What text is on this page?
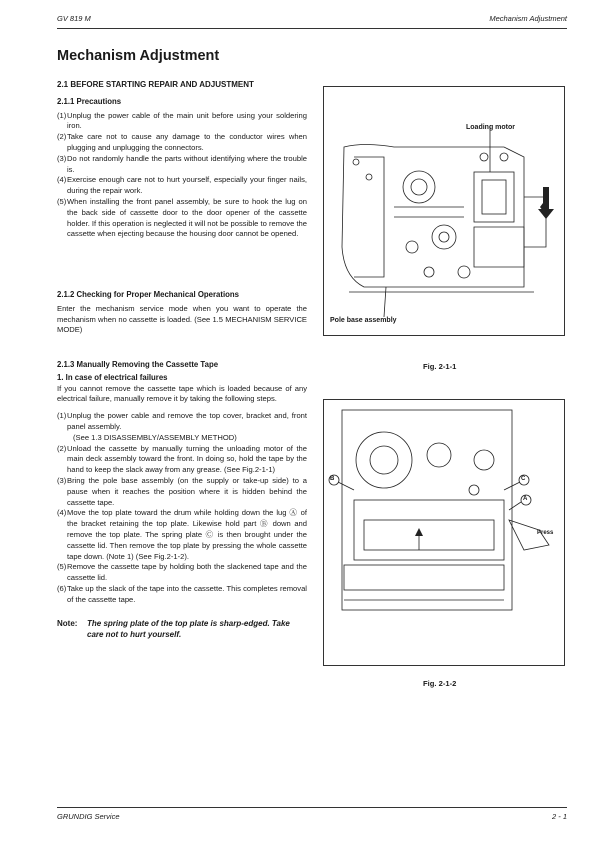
GV 819 M	Mechanism Adjustment
Mechanism Adjustment
2.1 BEFORE STARTING REPAIR AND ADJUSTMENT
2.1.1 Precautions
(1) Unplug the power cable of the main unit before using your soldering iron.
(2) Take care not to cause any damage to the conductor wires when plugging and unplugging the connectors.
(3) Do not randomly handle the parts without identifying where the trouble is.
(4) Exercise enough care not to hurt yourself, especially your finger nails, during the repair work.
(5) When installing the front panel assembly, be sure to hook the lug on the back side of cassette door to the door opener of the cassette holder. If this operation is neglected it will not be possible to remove the cassette when ejecting because the housing door cannot be opened.
2.1.2 Checking for Proper Mechanical Operations

Enter the mechanism service mode when you want to operate the mechanism when no cassette is loaded. (See 1.5 MECHANISM SERVICE MODE)

2.1.3 Manually Removing the Cassette Tape
1. In case of electrical failures

If you cannot remove the cassette tape which is loaded because of any electrical failure, manually remove it by taking the following steps.

(1) Unplug the power cable and remove the top cover, bracket and, front panel assembly.
(See 1.3 DISASSEMBLY/ASSEMBLY METHOD)
(2) Unload the cassette by manually turning the unloading motor of the main deck assembly toward the front. In doing so, hold the tape by the hand to keep the slack away from any grease. (See Fig.2-1-1)
(3) Bring the pole base assembly (on the supply or take-up side) to a pause when it reaches the position where it is hidden behind the cassette tape.
(4) Move the top plate toward the drum while holding down the lug Ⓐ of the bracket retaining the top plate. Likewise hold part Ⓑ down and remove the top plate. The spring plate Ⓒ is then brought under the cassette lid. Then remove the top plate by pressing the whole cassette tape down. (Note 1) (See Fig.2-1-2).
(5) Remove the cassette tape by holding both the slackened tape and the cassette lid.
(6) Take up the slack of the tape into the cassette. This completes removal of the cassette tape.
Note:	The spring plate of the top plate is sharp-edged. Take care not to hurt yourself.
Loading motor
Pole base assembly
Fig. 2-1-1
B	C
A
Press
Fig. 2-1-2
GRUNDIG Service	2 - 1
